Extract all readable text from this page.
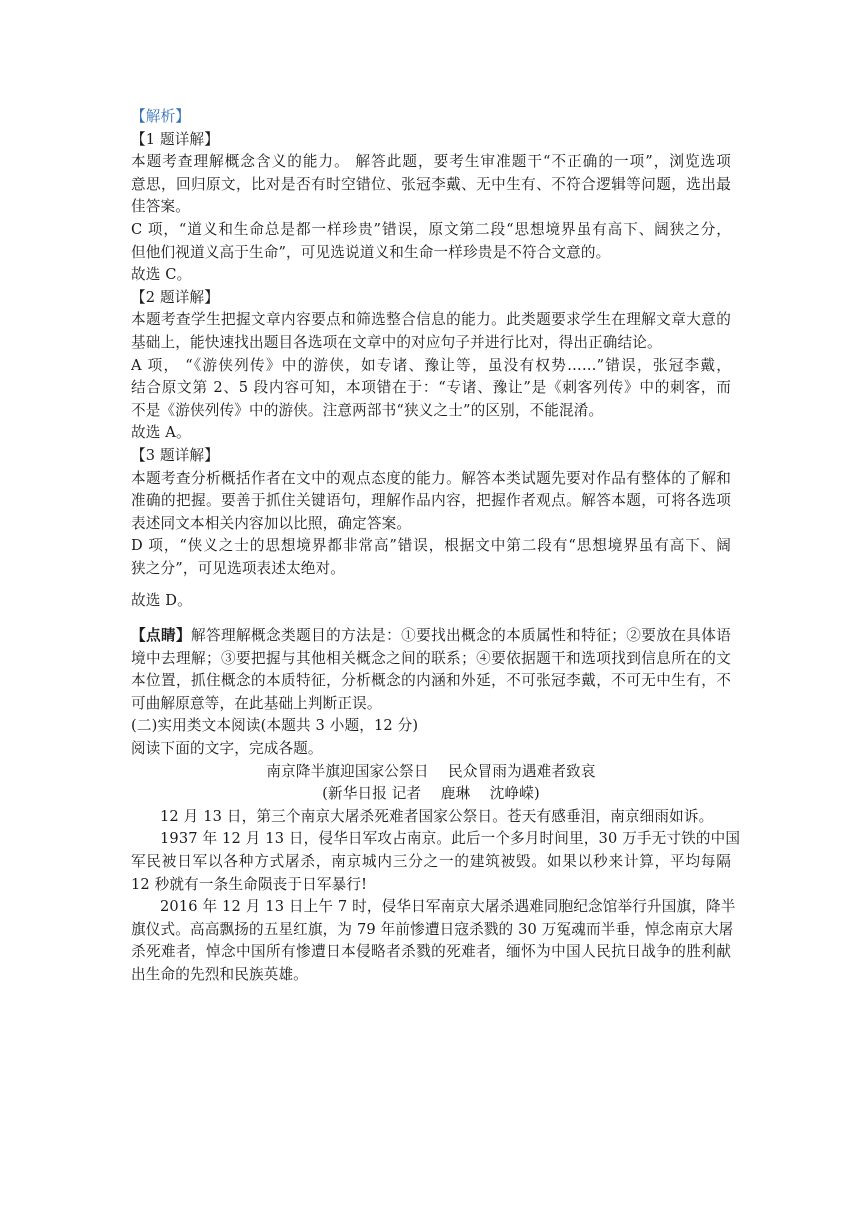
【解析】
【1 题详解】
本题考查理解概念含义的能力。 解答此题，要考生审准题干“不正确的一项”，浏览选项
意思，回归原文，比对是否有时空错位、张冠李戴、无中生有、不符合逻辑等问题，选出最
佳答案。
C 项，“道义和生命总是都一样珍贵”错误，原文第二段“思想境界虽有高下、阔狭之分，
但他们视道义高于生命”，可见选说道义和生命一样珍贵是不符合文意的。
故选 C。
【2 题详解】
本题考查学生把握文章内容要点和筛选整合信息的能力。此类题要求学生在理解文章大意的
基础上，能快速找出题目各选项在文章中的对应句子并进行比对，得出正确结论。
A 项， “《游侠列传》中的游侠，如专诸、豫让等，虽没有权势……”错误，张冠李戴，
结合原文第 2、5 段内容可知，本项错在于：“专诸、豫让”是《刺客列传》中的刺客，而
不是《游侠列传》中的游侠。注意两部书“狭义之士”的区别，不能混淆。
故选 A。
【3 题详解】
本题考查分析概括作者在文中的观点态度的能力。解答本类试题先要对作品有整体的了解和
准确的把握。要善于抓住关键语句，理解作品内容，把握作者观点。解答本题，可将各选项
表述同文本相关内容加以比照，确定答案。
D 项，“侠义之士的思想境界都非常高”错误，根据文中第二段有“思想境界虽有高下、阔
狭之分”，可见选项表述太绝对。
故选 D。
【点睛】解答理解概念类题目的方法是：①要找出概念的本质属性和特征；②要放在具体语
境中去理解；③要把握与其他相关概念之间的联系；④要依据题干和选项找到信息所在的文
本位置，抓住概念的本质特征，分析概念的内涵和外延，不可张冠李戴，不可无中生有，不
可曲解原意等，在此基础上判断正误。
(二)实用类文本阅读(本题共 3 小题，12 分)
阅读下面的文字，完成各题。
南京降半旗迎国家公祭日　 民众冒雨为遇难者致哀
(新华日报 记者　 鹿琳　 沈峥嵘)
12 月 13 日，第三个南京大屠杀死难者国家公祭日。苍天有感垂泪，南京细雨如诉。
1937 年 12 月 13 日，侵华日军攻占南京。此后一个多月时间里，30 万手无寸铁的中国
军民被日军以各种方式屠杀，南京城内三分之一的建筑被毁。如果以秒来计算，平均每隔
12 秒就有一条生命陨丧于日军暴行!
2016 年 12 月 13 日上午 7 时，侵华日军南京大屠杀遇难同胞纪念馆举行升国旗，降半
旗仪式。高高飘扬的五星红旗，为 79 年前惨遭日寇杀戮的 30 万冤魂而半垂，悼念南京大屠
杀死难者，悼念中国所有惨遭日本侵略者杀戮的死难者，缅怀为中国人民抗日战争的胜利献
出生命的先烈和民族英雄。
